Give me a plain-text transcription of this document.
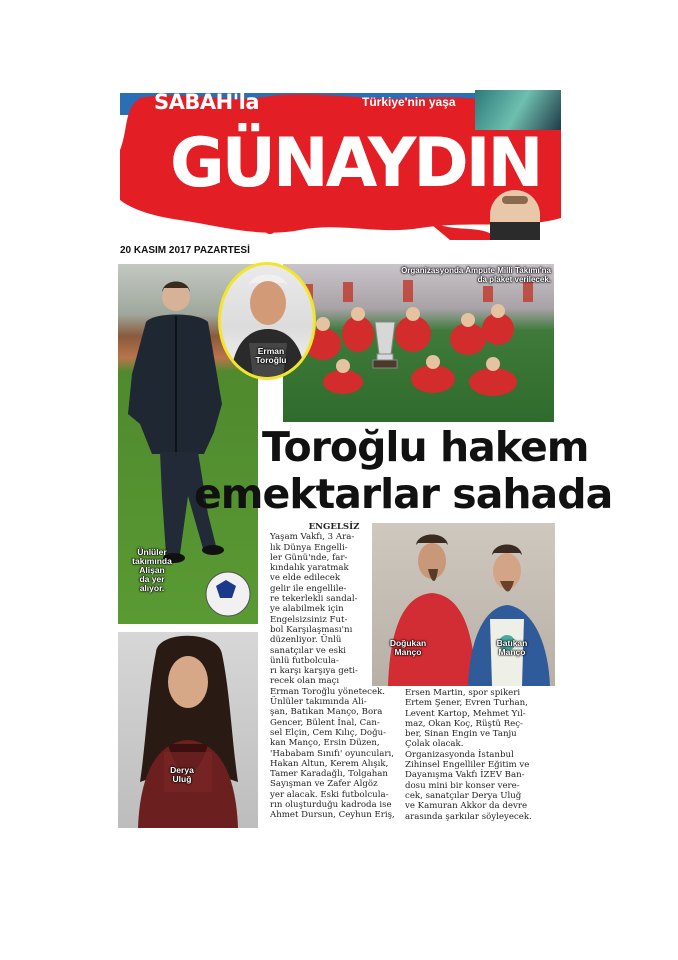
SABAH'la	Türkiye'nin yaşa
GÜNAYDIN
20 KASIM 2017 PAZARTESİ
Organizasyonda Ampute Milli Takımı'na da plaket verilecek.
Ünlüler
takımında
Alişan
da yer
alıyor.
Erman
Toroğlu
Toroğlu hakem
emektarlar sahada
Derya
Uluğ
Doğukan
Manço
Batıkan
Manço
ENGELSİZ
Yaşam Vakfı, 3 Ara-
lık Dünya Engelli-
ler Günü'nde, far-
kındalık yaratmak
ve elde edilecek
gelir ile engellile-
re tekerlekli sandal-
ye alabilmek için
Engelsizsiniz Fut-
bol Karşılaşması'nı
düzenliyor. Ünlü
sanatçılar ve eski
ünlü futbolcula-
rı karşı karşıya geti-
recek olan maçı
Erman Toroğlu yönetecek.
Ünlüler takımında Ali-
şan, Batıkan Manço, Bora
Gencer, Bülent İnal, Can-
sel Elçin, Cem Kılıç, Doğu-
kan Manço, Ersin Düzen,
'Hababam Sınıfı' oyuncuları,
Hakan Altun, Kerem Alışık,
Tamer Karadağlı, Tolgahan
Sayışman ve Zafer Algöz
yer alacak. Eski futbolcula-
rın oluşturduğu kadroda ise
Ahmet Dursun, Ceyhun Eriş,
Ersen Martin, spor spikeri
Ertem Şener, Evren Turhan,
Levent Kartop, Mehmet Yıl-
maz, Okan Koç, Rüştü Reç-
ber, Sinan Engin ve Tanju
Çolak olacak.
Organizasyonda İstanbul
Zihinsel Engelliler Eğitim ve
Dayanışma Vakfı İZEV Ban-
dosu mini bir konser vere-
cek, sanatçılar Derya Uluğ
ve Kamuran Akkor da devre
arasında şarkılar söyleyecek.
